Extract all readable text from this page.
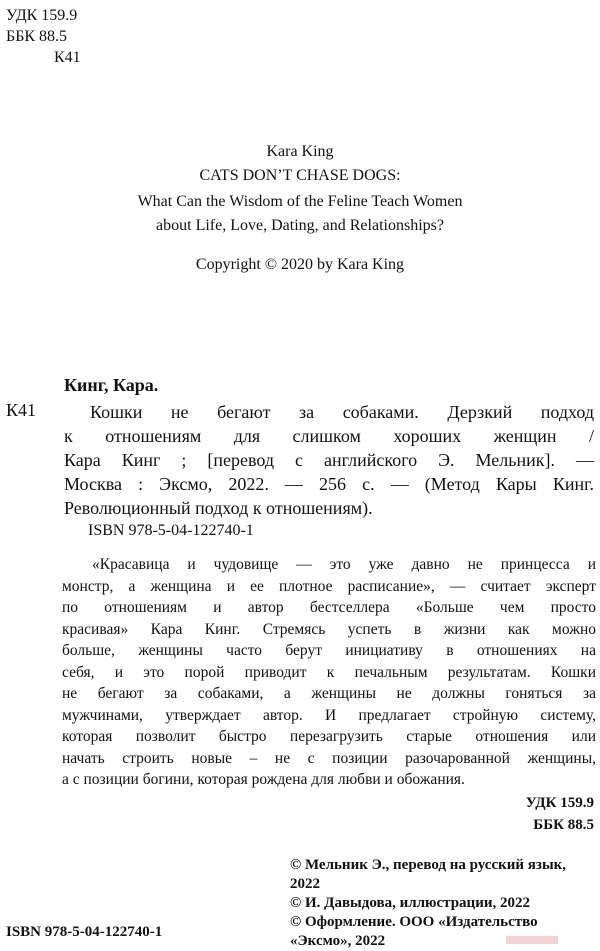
УДК 159.9
ББК 88.5
К41
Kara King
CATS DON’T CHASE DOGS:
What Can the Wisdom of the Feline Teach Women
about Life, Love, Dating, and Relationships?
Copyright © 2020 by Kara King
Кинг, Кара.
К41	Кошки не бегают за собаками. Дерзкий подход
к отношениям для слишком хороших женщин /
Кара Кинг ; [перевод с английского Э. Мельник]. —
Москва : Эксмо, 2022. — 256 с. — (Метод Кары Кинг.
Революционный подход к отношениям).
ISBN 978-5-04-122740-1
«Красавица и чудовище — это уже давно не принцесса и
монстр, а женщина и ее плотное расписание», — считает эксперт
по отношениям и автор бестселлера «Больше чем просто
красивая» Кара Кинг. Стремясь успеть в жизни как можно
больше, женщины часто берут инициативу в отношениях на
себя, и это порой приводит к печальным результатам. Кошки
не бегают за собаками, а женщины не должны гоняться за
мужчинами, утверждает автор. И предлагает стройную систему,
которая позволит быстро перезагрузить старые отношения или
начать строить новые – не с позиции разочарованной женщины,
а с позиции богини, которая рождена для любви и обожания.
УДК 159.9
ББК 88.5
© Мельник Э., перевод на русский язык, 2022
© И. Давыдова, иллюстрации, 2022
© Оформление. ООО «Издательство «Эксмо», 2022
ISBN 978-5-04-122740-1
